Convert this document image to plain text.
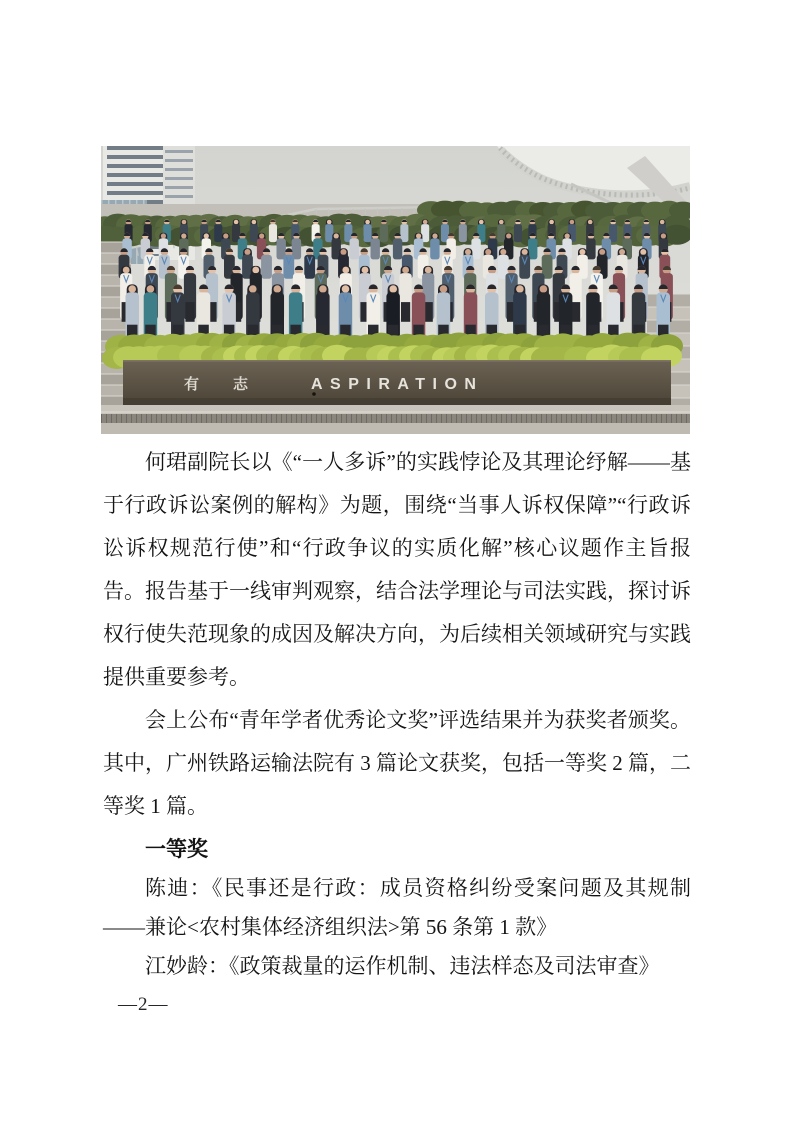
有志 ASPIRATION

何珺副院长以《“一人多诉”的实践悖论及其理论纾解——基于行政诉讼案例的解构》为题，围绕“当事人诉权保障”“行政诉讼诉权规范行使”和“行政争议的实质化解”核心议题作主旨报告。报告基于一线审判观察，结合法学理论与司法实践，探讨诉权行使失范现象的成因及解决方向，为后续相关领域研究与实践提供重要参考。

会上公布“青年学者优秀论文奖”评选结果并为获奖者颁奖。其中，广州铁路运输法院有 3 篇论文获奖，包括一等奖 2 篇，二等奖 1 篇。

一等奖

陈迪：《民事还是行政：成员资格纠纷受案问题及其规制——兼论<农村集体经济组织法>第 56 条第 1 款》

江妙龄：《政策裁量的运作机制、违法样态及司法审查》

—2—
